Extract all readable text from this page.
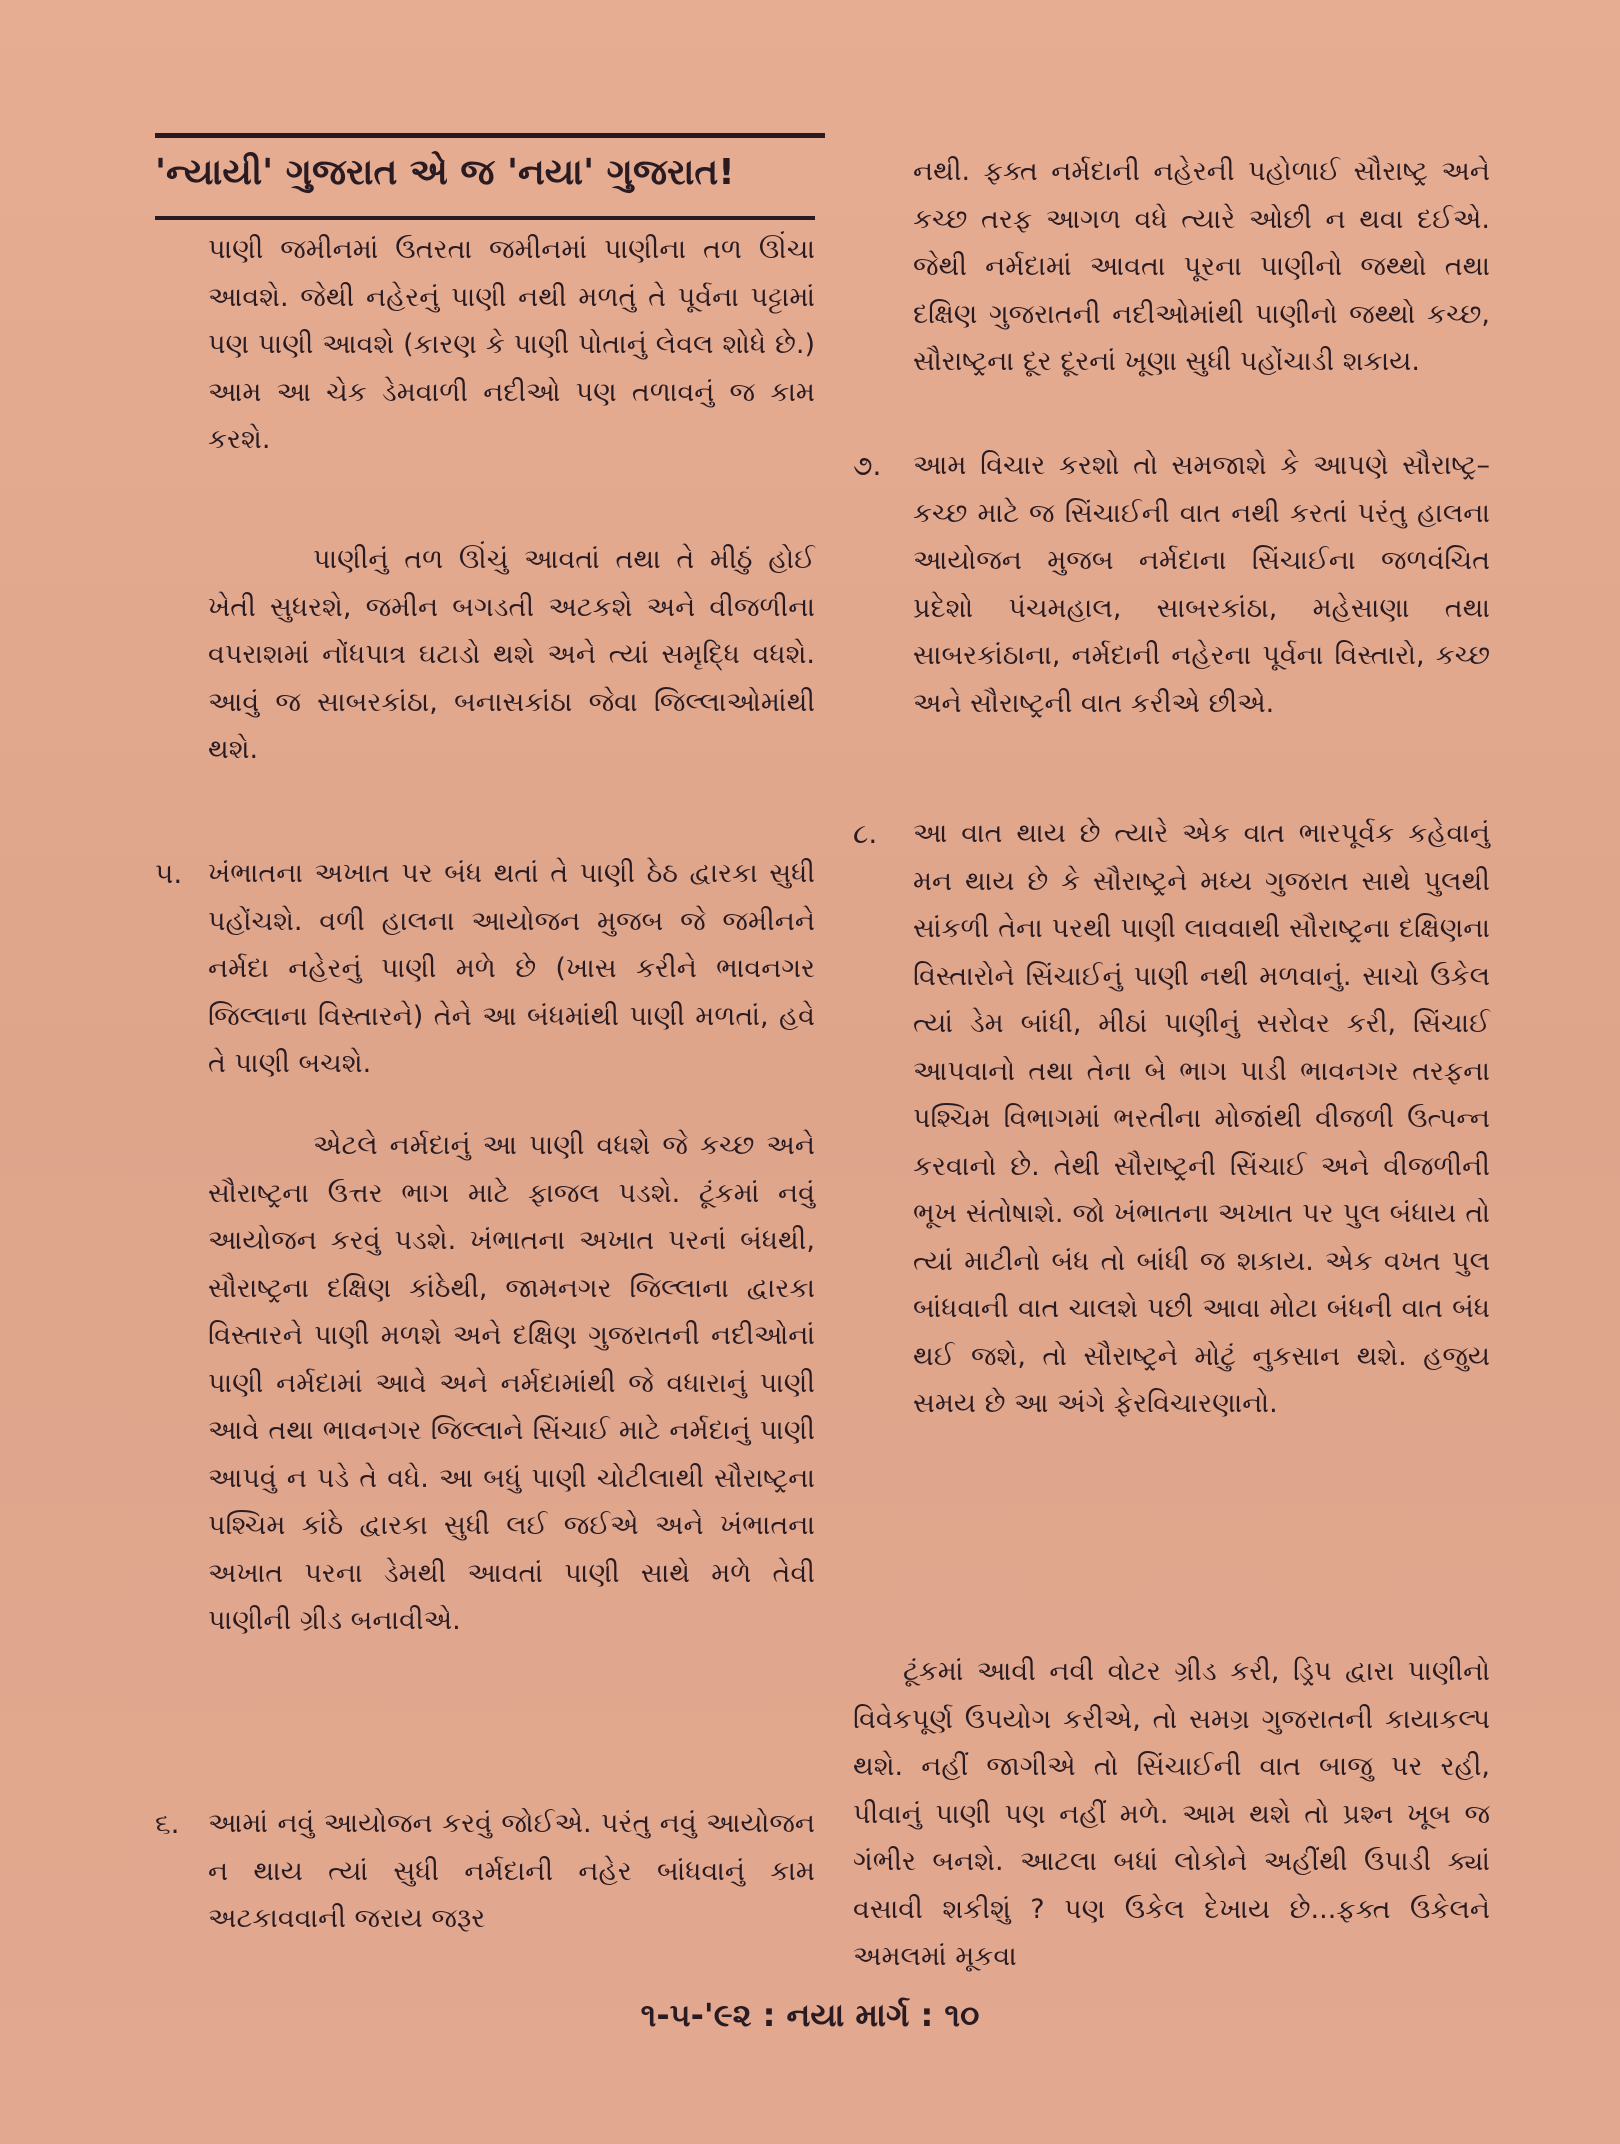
'ન્યાયી' ગુજરાત એ જ 'નયા' ગુજરાત!

પાણી જમીનમાં ઉતરતા જમીનમાં પાણીના તળ ઊંચા આવશે. જેથી નહેરનું પાણી નથી મળતું તે પૂર્વના પટ્ટામાં પણ પાણી આવશે (કારણ કે પાણી પોતાનું લેવલ શોધે છે.) આમ આ ચેક ડેમવાળી નદીઓ પણ તળાવનું જ કામ કરશે.

પાણીનું તળ ઊંચું આવતાં તથા તે મીઠું હોઈ ખેતી સુધરશે, જમીન બગડતી અટકશે અને વીજળીના વપરાશમાં નોંધપાત્ર ઘટાડો થશે અને ત્યાં સમૃદ્ધિ વધશે. આવું જ સાબરકાંઠા, બનાસકાંઠા જેવા જિલ્લાઓમાંથી થશે.

૫. ખંભાતના અખાત પર બંધ થતાં તે પાણી ઠેઠ દ્વારકા સુધી પહોંચશે. વળી હાલના આયોજન મુજબ જે જમીનને નર્મદા નહેરનું પાણી મળે છે (ખાસ કરીને ભાવનગર જિલ્લાના વિસ્તારને) તેને આ બંધમાંથી પાણી મળતાં, હવે તે પાણી બચશે.

એટલે નર્મદાનું આ પાણી વધશે જે કચ્છ અને સૌરાષ્ટ્રના ઉત્તર ભાગ માટે ફાજલ પડશે. ટૂંકમાં નવું આયોજન કરવું પડશે. ખંભાતના અખાત પરનાં બંધથી, સૌરાષ્ટ્રના દક્ષિણ કાંઠેથી, જામનગર જિલ્લાના દ્વારકા વિસ્તારને પાણી મળશે અને દક્ષિણ ગુજરાતની નદીઓનાં પાણી નર્મદામાં આવે અને નર્મદામાંથી જે વધારાનું પાણી આવે તથા ભાવનગર જિલ્લાને સિંચાઈ માટે નર્મદાનું પાણી આપવું ન પડે તે વધે. આ બધું પાણી ચોટીલાથી સૌરાષ્ટ્રના પશ્ચિમ કાંઠે દ્વારકા સુધી લઈ જઈએ અને ખંભાતના અખાત પરના ડેમથી આવતાં પાણી સાથે મળે તેવી પાણીની ગ્રીડ બનાવીએ.

૬. આમાં નવું આયોજન કરવું જોઈએ. પરંતુ નવું આયોજન ન થાય ત્યાં સુધી નર્મદાની નહેર બાંધવાનું કામ અટકાવવાની જરાય જરૂર

નથી. ફક્ત નર્મદાની નહેરની પહોળાઈ સૌરાષ્ટ્ર અને કચ્છ તરફ આગળ વધે ત્યારે ઓછી ન થવા દઈએ. જેથી નર્મદામાં આવતા પૂરના પાણીનો જથ્થો તથા દક્ષિણ ગુજરાતની નદીઓમાંથી પાણીનો જથ્થો કચ્છ, સૌરાષ્ટ્રના દૂર દૂરનાં ખૂણા સુધી પહોંચાડી શકાય.

૭. આમ વિચાર કરશો તો સમજાશે કે આપણે સૌરાષ્ટ્ર–કચ્છ માટે જ સિંચાઈની વાત નથી કરતાં પરંતુ હાલના આયોજન મુજબ નર્મદાના સિંચાઈના જળવંચિત પ્રદેશો પંચમહાલ, સાબરકાંઠા, મહેસાણા તથા સાબરકાંઠાના, નર્મદાની નહેરના પૂર્વના વિસ્તારો, કચ્છ અને સૌરાષ્ટ્રની વાત કરીએ છીએ.

૮. આ વાત થાય છે ત્યારે એક વાત ભારપૂર્વક કહેવાનું મન થાય છે કે સૌરાષ્ટ્રને મધ્ય ગુજરાત સાથે પુલથી સાંકળી તેના પરથી પાણી લાવવાથી સૌરાષ્ટ્રના દક્ષિણના વિસ્તારોને સિંચાઈનું પાણી નથી મળવાનું. સાચો ઉકેલ ત્યાં ડેમ બાંધી, મીઠાં પાણીનું સરોવર કરી, સિંચાઈ આપવાનો તથા તેના બે ભાગ પાડી ભાવનગર તરફના પશ્ચિમ વિભાગમાં ભરતીના મોજાંથી વીજળી ઉત્પન્ન કરવાનો છે. તેથી સૌરાષ્ટ્રની સિંચાઈ અને વીજળીની ભૂખ સંતોષાશે. જો ખંભાતના અખાત પર પુલ બંધાય તો ત્યાં માટીનો બંધ તો બાંધી જ શકાય. એક વખત પુલ બાંધવાની વાત ચાલશે પછી આવા મોટા બંધની વાત બંધ થઈ જશે, તો સૌરાષ્ટ્રને મોટું નુકસાન થશે. હજુય સમય છે આ અંગે ફેરવિચારણાનો.

ટૂંકમાં આવી નવી વોટર ગ્રીડ કરી, ડ્રિપ દ્વારા પાણીનો વિવેકપૂર્ણ ઉપયોગ કરીએ, તો સમગ્ર ગુજરાતની કાયાકલ્પ થશે. નહીં જાગીએ તો સિંચાઈની વાત બાજુ પર રહી, પીવાનું પાણી પણ નહીં મળે. આમ થશે તો પ્રશ્ન ખૂબ જ ગંભીર બનશે. આટલા બધાં લોકોને અહીંથી ઉપાડી ક્યાં વસાવી શકીશું ? પણ ઉકેલ દેખાય છે...ફક્ત ઉકેલને અમલમાં મૂકવા

૧-૫-'૯૨ : નયા માર્ગ : ૧૦
